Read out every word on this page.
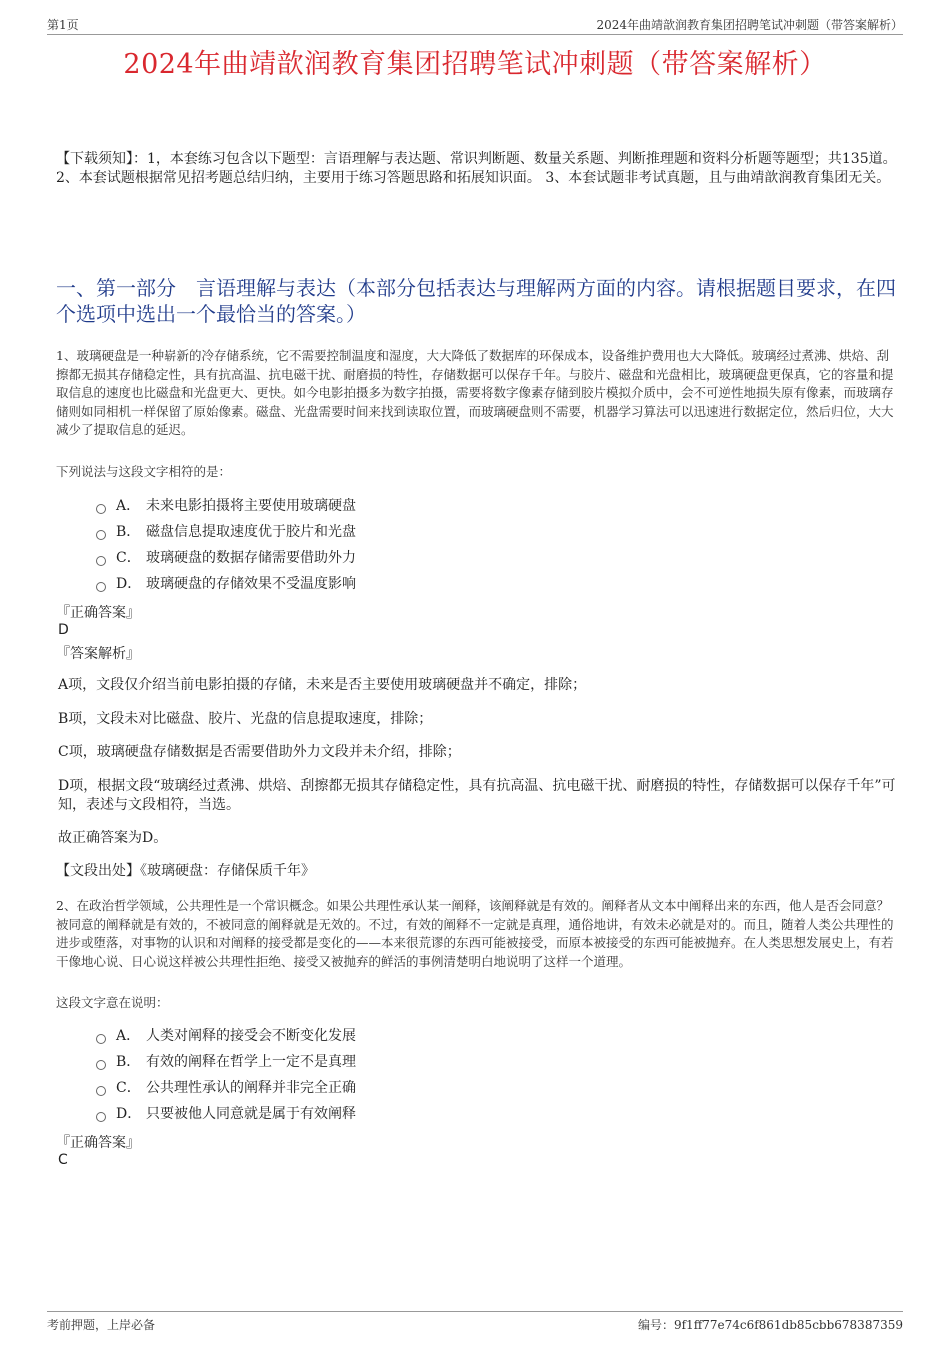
第1页	2024年曲靖歆润教育集团招聘笔试冲刺题（带答案解析）
2024年曲靖歆润教育集团招聘笔试冲刺题（带答案解析）
【下载须知】：1，本套练习包含以下题型：言语理解与表达题、常识判断题、数量关系题、判断推理题和资料分析题等题型；共135道。 2、本套试题根据常见招考题总结归纳，主要用于练习答题思路和拓展知识面。 3、本套试题非考试真题，且与曲靖歆润教育集团无关。
一、第一部分　言语理解与表达（本部分包括表达与理解两方面的内容。请根据题目要求，在四个选项中选出一个最恰当的答案。）
1、玻璃硬盘是一种崭新的冷存储系统，它不需要控制温度和湿度，大大降低了数据库的环保成本，设备维护费用也大大降低。玻璃经过煮沸、烘焙、刮擦都无损其存储稳定性，具有抗高温、抗电磁干扰、耐磨损的特性，存储数据可以保存千年。与胶片、磁盘和光盘相比，玻璃硬盘更保真，它的容量和提取信息的速度也比磁盘和光盘更大、更快。如今电影拍摄多为数字拍摄，需要将数字像素存储到胶片模拟介质中，会不可逆性地损失原有像素，而玻璃存储则如同相机一样保留了原始像素。磁盘、光盘需要时间来找到读取位置，而玻璃硬盘则不需要，机器学习算法可以迅速进行数据定位，然后归位，大大减少了提取信息的延迟。
下列说法与这段文字相符的是：
A． 未来电影拍摄将主要使用玻璃硬盘
B． 磁盘信息提取速度优于胶片和光盘
C． 玻璃硬盘的数据存储需要借助外力
D． 玻璃硬盘的存储效果不受温度影响
『正确答案』
D
『答案解析』
A项，文段仅介绍当前电影拍摄的存储，未来是否主要使用玻璃硬盘并不确定，排除；
B项，文段未对比磁盘、胶片、光盘的信息提取速度，排除；
C项，玻璃硬盘存储数据是否需要借助外力文段并未介绍，排除；
D项，根据文段“玻璃经过煮沸、烘焙、刮擦都无损其存储稳定性，具有抗高温、抗电磁干扰、耐磨损的特性，存储数据可以保存千年”可知，表述与文段相符，当选。
故正确答案为D。
【文段出处】《玻璃硬盘：存储保质千年》
2、在政治哲学领域，公共理性是一个常识概念。如果公共理性承认某一阐释，该阐释就是有效的。阐释者从文本中阐释出来的东西，他人是否会同意？被同意的阐释就是有效的，不被同意的阐释就是无效的。不过，有效的阐释不一定就是真理，通俗地讲，有效未必就是对的。而且，随着人类公共理性的进步或堕落，对事物的认识和对阐释的接受都是变化的——本来很荒谬的东西可能被接受，而原本被接受的东西可能被抛弃。在人类思想发展史上，有若干像地心说、日心说这样被公共理性拒绝、接受又被抛弃的鲜活的事例清楚明白地说明了这样一个道理。
这段文字意在说明：
A． 人类对阐释的接受会不断变化发展
B． 有效的阐释在哲学上一定不是真理
C． 公共理性承认的阐释并非完全正确
D． 只要被他人同意就是属于有效阐释
『正确答案』
C
考前押题，上岸必备	编号：9f1ff77e74c6f861db85cbb678387359
